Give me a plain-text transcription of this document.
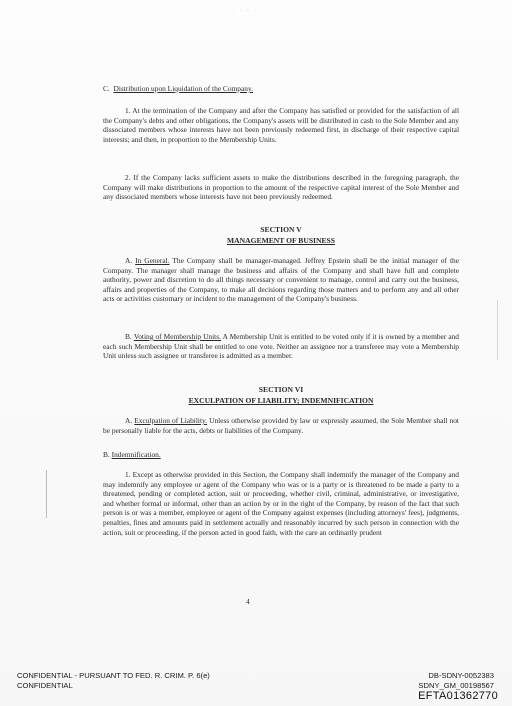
· · · ·
C. Distribution upon Liquidation of the Company.
1. At the termination of the Company and after the Company has satisfied or provided for the satisfaction of all the Company's debts and other obligations, the Company's assets will be distributed in cash to the Sole Member and any dissociated members whose interests have not been previously redeemed first, in discharge of their respective capital interests; and then, in proportion to the Membership Units.
2. If the Company lacks sufficient assets to make the distributions described in the foregoing paragraph, the Company will make distributions in proportion to the amount of the respective capital interest of the Sole Member and any dissociated members whose interests have not been previously redeemed.
SECTION V
MANAGEMENT OF BUSINESS
A. In General. The Company shall be manager-managed. Jeffrey Epstein shall be the initial manager of the Company. The manager shall manage the business and affairs of the Company and shall have full and complete authority, power and discretion to do all things necessary or convenient to manage, control and carry out the business, affairs and properties of the Company, to make all decisions regarding those matters and to perform any and all other acts or activities customary or incident to the management of the Company's business.
B. Voting of Membership Units. A Membership Unit is entitled to be voted only if it is owned by a member and each such Membership Unit shall be entitled to one vote. Neither an assignee nor a transferee may vote a Membership Unit unless such assignee or transferee is admitted as a member.
SECTION VI
EXCULPATION OF LIABILITY; INDEMNIFICATION
A. Exculpation of Liability. Unless otherwise provided by law or expressly assumed, the Sole Member shall not be personally liable for the acts, debts or liabilities of the Company.
B. Indemnification.
1. Except as otherwise provided in this Section, the Company shall indemnify the manager of the Company and may indemnify any employee or agent of the Company who was or is a party or is threatened to be made a party to a threatened, pending or completed action, suit or proceeding, whether civil, criminal, administrative, or investigative, and whether formal or informal, other than an action by or in the right of the Company, by reason of the fact that such person is or was a member, employee or agent of the Company against expenses (including attorneys' fees), judgments, penalties, fines and amounts paid in settlement actually and reasonably incurred by such person in connection with the action, suit or proceeding, if the person acted in good faith, with the care an ordinarily prudent
4
CONFIDENTIAL - PURSUANT TO FED. R. CRIM. P. 6(e)
CONFIDENTIAL
DB-SDNY-0052383
SDNY_GM_00198567
EFTA01362770
